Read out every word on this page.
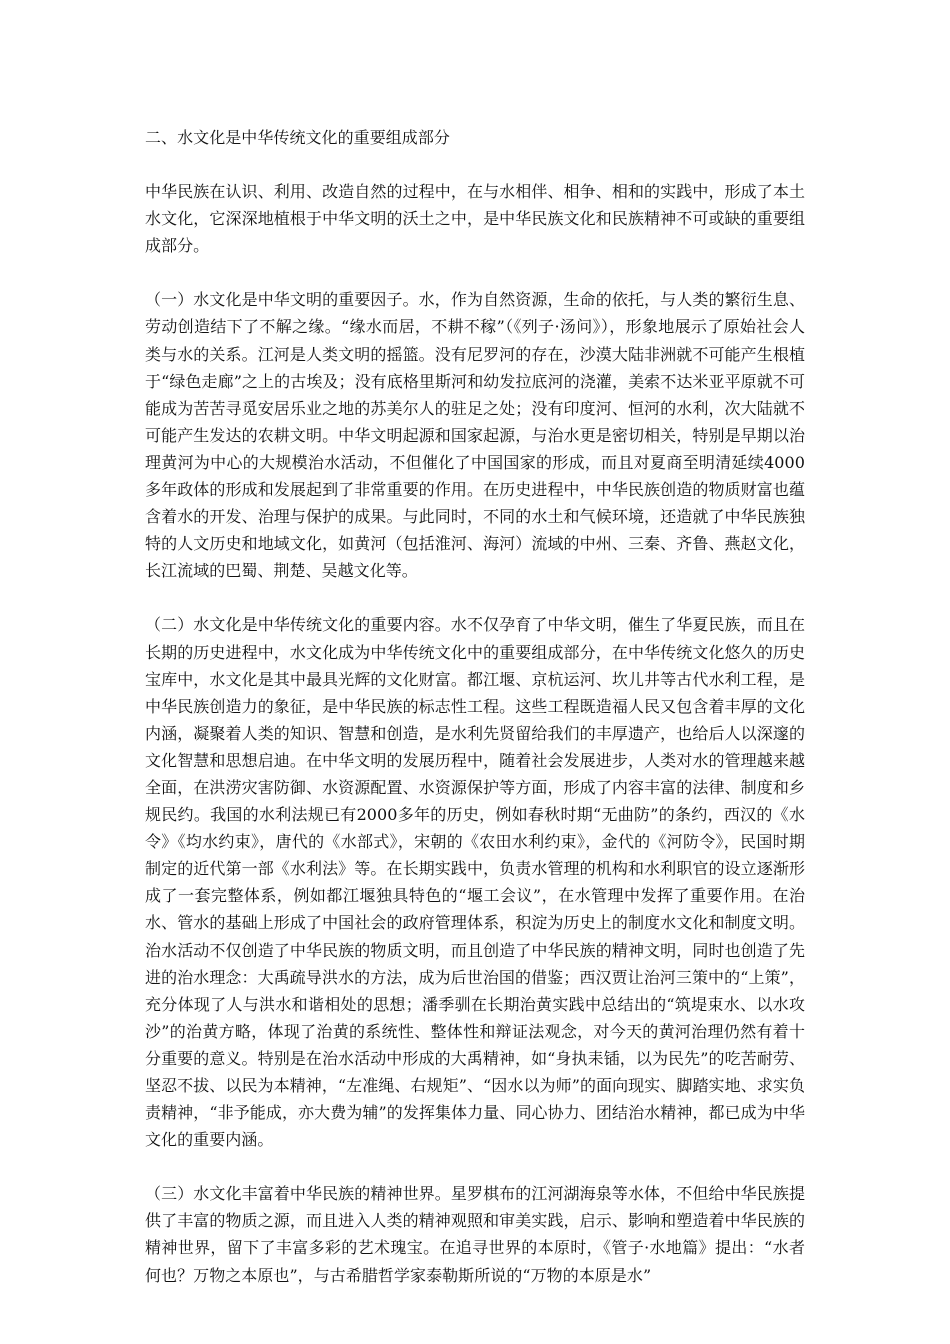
二、水文化是中华传统文化的重要组成部分

中华民族在认识、利用、改造自然的过程中，在与水相伴、相争、相和的实践中，形成了本土水文化，它深深地植根于中华文明的沃土之中，是中华民族文化和民族精神不可或缺的重要组成部分。

（一）水文化是中华文明的重要因子。水，作为自然资源，生命的依托，与人类的繁衍生息、劳动创造结下了不解之缘。“缘水而居，不耕不稼”（《列子·汤问》），形象地展示了原始社会人类与水的关系。江河是人类文明的摇篮。没有尼罗河的存在，沙漠大陆非洲就不可能产生根植于“绿色走廊”之上的古埃及；没有底格里斯河和幼发拉底河的浇灌，美索不达米亚平原就不可能成为苦苦寻觅安居乐业之地的苏美尔人的驻足之处；没有印度河、恒河的水利，次大陆就不可能产生发达的农耕文明。中华文明起源和国家起源，与治水更是密切相关，特别是早期以治理黄河为中心的大规模治水活动，不但催化了中国国家的形成，而且对夏商至明清延续4000多年政体的形成和发展起到了非常重要的作用。在历史进程中，中华民族创造的物质财富也蕴含着水的开发、治理与保护的成果。与此同时，不同的水土和气候环境，还造就了中华民族独特的人文历史和地域文化，如黄河（包括淮河、海河）流域的中州、三秦、齐鲁、燕赵文化，长江流域的巴蜀、荆楚、吴越文化等。

（二）水文化是中华传统文化的重要内容。水不仅孕育了中华文明，催生了华夏民族，而且在长期的历史进程中，水文化成为中华传统文化中的重要组成部分，在中华传统文化悠久的历史宝库中，水文化是其中最具光辉的文化财富。都江堰、京杭运河、坎儿井等古代水利工程，是中华民族创造力的象征，是中华民族的标志性工程。这些工程既造福人民又包含着丰厚的文化内涵，凝聚着人类的知识、智慧和创造，是水利先贤留给我们的丰厚遗产，也给后人以深邃的文化智慧和思想启迪。在中华文明的发展历程中，随着社会发展进步，人类对水的管理越来越全面，在洪涝灾害防御、水资源配置、水资源保护等方面，形成了内容丰富的法律、制度和乡规民约。我国的水利法规已有2000多年的历史，例如春秋时期“无曲防”的条约，西汉的《水令》《均水约束》，唐代的《水部式》，宋朝的《农田水利约束》，金代的《河防令》，民国时期制定的近代第一部《水利法》等。在长期实践中，负责水管理的机构和水利职官的设立逐渐形成了一套完整体系，例如都江堰独具特色的“堰工会议”，在水管理中发挥了重要作用。在治水、管水的基础上形成了中国社会的政府管理体系，积淀为历史上的制度水文化和制度文明。治水活动不仅创造了中华民族的物质文明，而且创造了中华民族的精神文明，同时也创造了先进的治水理念：大禹疏导洪水的方法，成为后世治国的借鉴；西汉贾让治河三策中的“上策”，充分体现了人与洪水和谐相处的思想；潘季驯在长期治黄实践中总结出的“筑堤束水、以水攻沙”的治黄方略，体现了治黄的系统性、整体性和辩证法观念，对今天的黄河治理仍然有着十分重要的意义。特别是在治水活动中形成的大禹精神，如“身执耒锸，以为民先”的吃苦耐劳、坚忍不拔、以民为本精神，“左准绳、右规矩”、“因水以为师”的面向现实、脚踏实地、求实负责精神，“非予能成，亦大费为辅”的发挥集体力量、同心协力、团结治水精神，都已成为中华文化的重要内涵。

（三）水文化丰富着中华民族的精神世界。星罗棋布的江河湖海泉等水体，不但给中华民族提供了丰富的物质之源，而且进入人类的精神观照和审美实践，启示、影响和塑造着中华民族的精神世界，留下了丰富多彩的艺术瑰宝。在追寻世界的本原时，《管子·水地篇》提出：“水者何也？万物之本原也”，与古希腊哲学家泰勒斯所说的“万物的本原是水”
